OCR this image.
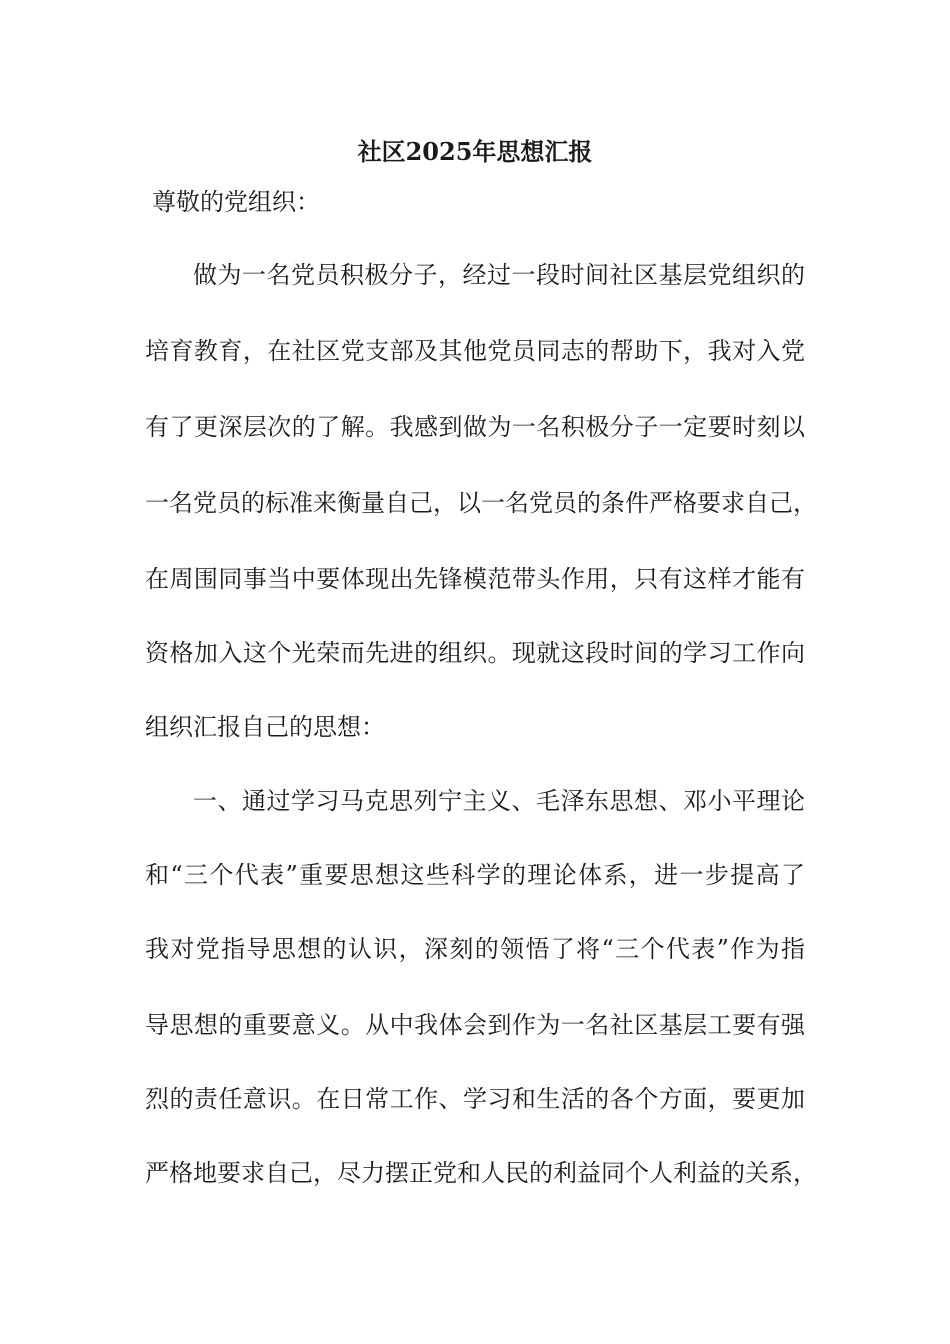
社区2025年思想汇报
尊敬的党组织：
做为一名党员积极分子，经过一段时间社区基层党组织的
培育教育，在社区党支部及其他党员同志的帮助下，我对入党
有了更深层次的了解。我感到做为一名积极分子一定要时刻以
一名党员的标准来衡量自己，以一名党员的条件严格要求自己，
在周围同事当中要体现出先锋模范带头作用，只有这样才能有
资格加入这个光荣而先进的组织。现就这段时间的学习工作向
组织汇报自己的思想：
一、通过学习马克思列宁主义、毛泽东思想、邓小平理论
和“三个代表”重要思想这些科学的理论体系，进一步提高了
我对党指导思想的认识，深刻的领悟了将“三个代表”作为指
导思想的重要意义。从中我体会到作为一名社区基层工要有强
烈的责任意识。在日常工作、学习和生活的各个方面，要更加
严格地要求自己，尽力摆正党和人民的利益同个人利益的关系，
